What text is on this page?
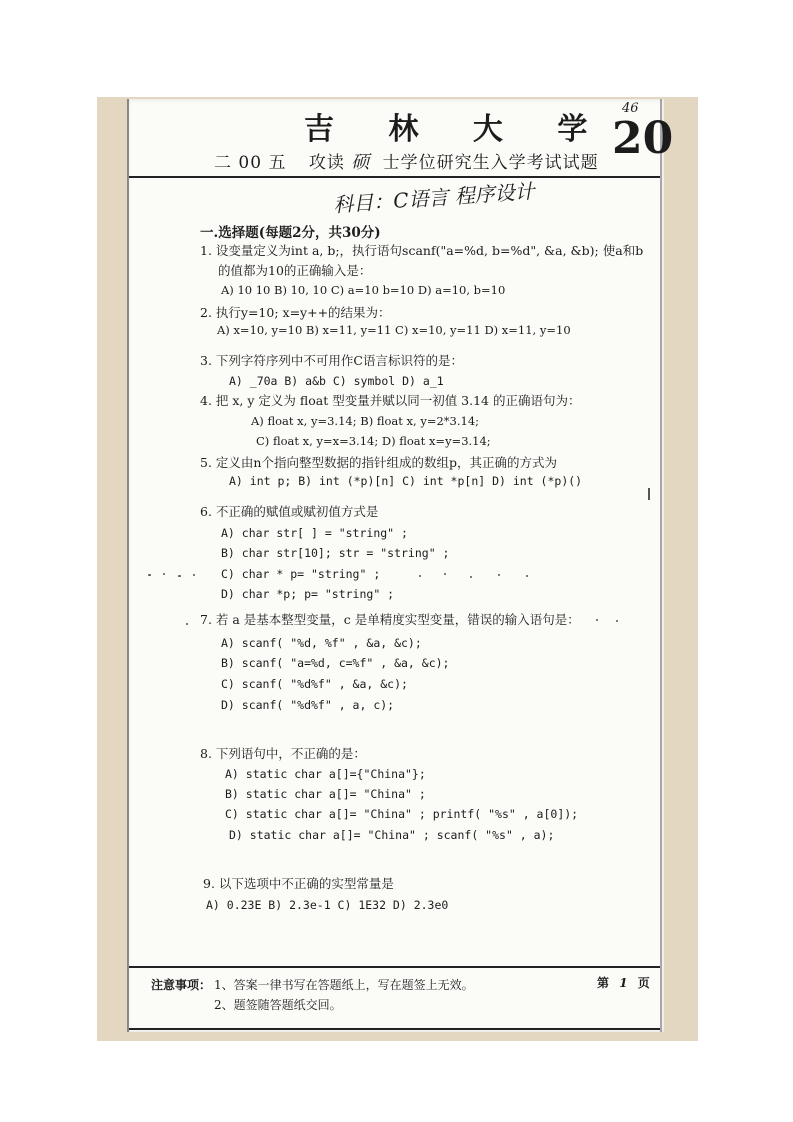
吉 林 大 学
46
20
二 00 五 攻读 硕 士学位研究生入学考试试题
科目：C语言 程序设计
一.选择题(每题2分，共30分)
1. 设变量定义为int a, b;，执行语句scanf("a=%d, b=%d", &a, &b); 使a和b
的值都为10的正确输入是：
A) 10 10 B) 10, 10 C) a=10 b=10 D) a=10, b=10
2. 执行y=10; x=y++的结果为：
A) x=10, y=10 B) x=11, y=11 C) x=10, y=11 D) x=11, y=10
3. 下列字符序列中不可用作C语言标识符的是：
A) _70a B) a&b C) symbol D) a_1
4. 把 x, y 定义为 float 型变量并赋以同一初值 3.14 的正确语句为：
A) float x, y=3.14; B) float x, y=2*3.14;
C) float x, y=x=3.14; D) float x=y=3.14;
5. 定义由n个指向整型数据的指针组成的数组p，其正确的方式为
A) int p; B) int (*p)[n] C) int *p[n] D) int (*p)()
6. 不正确的赋值或赋初值方式是
A) char str[ ] = "string" ;
B) char str[10]; str = "string" ;
C) char * p= "string" ;
D) char *p; p= "string" ;
7. 若 a 是基本整型变量，c 是单精度实型变量，错误的输入语句是：
A) scanf( "%d, %f" , &a, &c);
B) scanf( "a=%d, c=%f" , &a, &c);
C) scanf( "%d%f" , &a, &c);
D) scanf( "%d%f" , a, c);
8. 下列语句中，不正确的是：
A) static char a[]={"China"};
B) static char a[]= "China" ;
C) static char a[]= "China" ; printf( "%s" , a[0]);
D) static char a[]= "China" ; scanf( "%s" , a);
9. 以下选项中不正确的实型常量是
A) 0.23E B) 2.3e-1 C) 1E32 D) 2.3e0
注意事项： 1、答案一律书写在答题纸上，写在题签上无效。
2、题签随答题纸交回。
第 1 页
